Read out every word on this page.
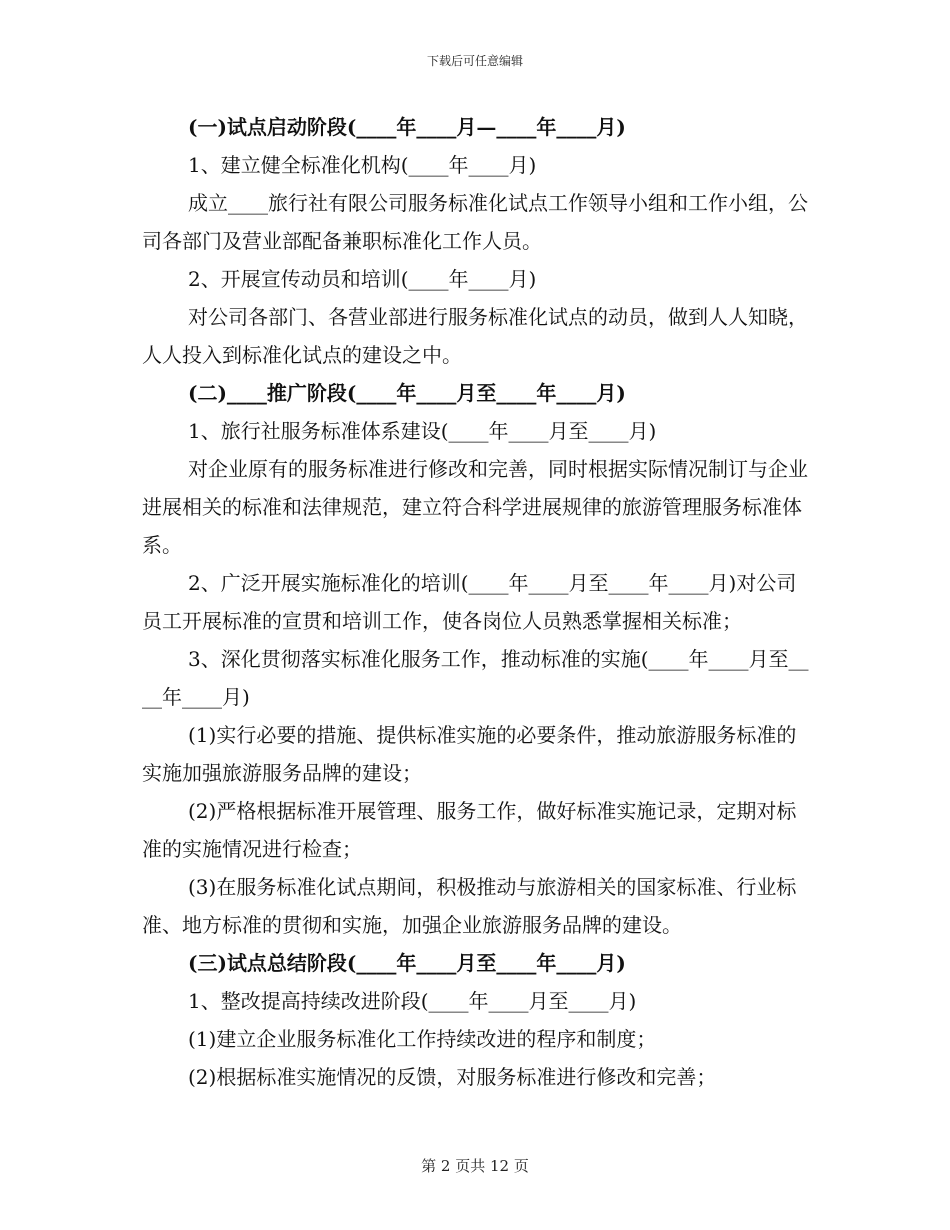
下载后可任意编辑

(一)试点启动阶段(____年____月—____年____月)

1、建立健全标准化机构(____年____月)

成立____旅行社有限公司服务标准化试点工作领导小组和工作小组，公司各部门及营业部配备兼职标准化工作人员。

2、开展宣传动员和培训(____年____月)

对公司各部门、各营业部进行服务标准化试点的动员，做到人人知晓，人人投入到标准化试点的建设之中。

(二)____推广阶段(____年____月至____年____月)

1、旅行社服务标准体系建设(____年____月至____月)

对企业原有的服务标准进行修改和完善，同时根据实际情况制订与企业进展相关的标准和法律规范，建立符合科学进展规律的旅游管理服务标准体系。

2、广泛开展实施标准化的培训(____年____月至____年____月)对公司员工开展标准的宣贯和培训工作，使各岗位人员熟悉掌握相关标准；

3、深化贯彻落实标准化服务工作，推动标准的实施(____年____月至____年____月)

(1)实行必要的措施、提供标准实施的必要条件，推动旅游服务标准的实施加强旅游服务品牌的建设；

(2)严格根据标准开展管理、服务工作，做好标准实施记录，定期对标准的实施情况进行检查；

(3)在服务标准化试点期间，积极推动与旅游相关的国家标准、行业标准、地方标准的贯彻和实施，加强企业旅游服务品牌的建设。

(三)试点总结阶段(____年____月至____年____月)

1、整改提高持续改进阶段(____年____月至____月)

(1)建立企业服务标准化工作持续改进的程序和制度；

(2)根据标准实施情况的反馈，对服务标准进行修改和完善；

第 2 页共 12 页
